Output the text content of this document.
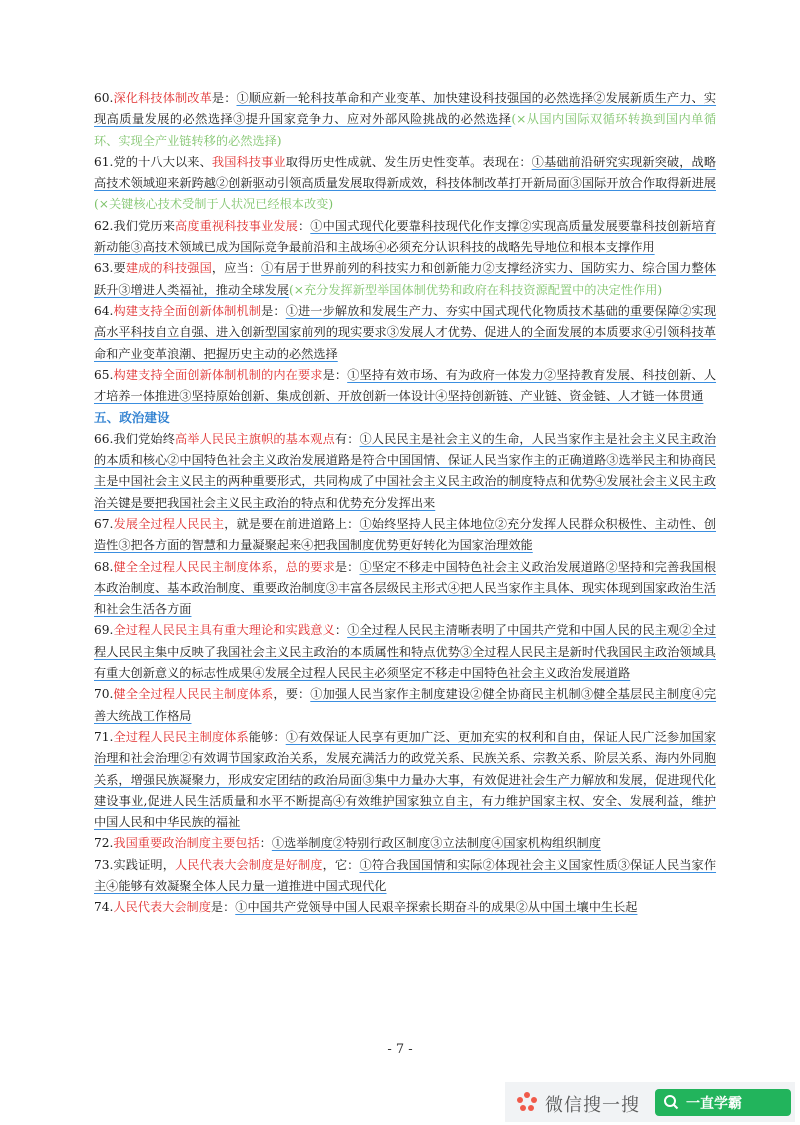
60.深化科技体制改革是：①顺应新一轮科技革命和产业变革、加快建设科技强国的必然选择②发展新质生产力、实现高质量发展的必然选择③提升国家竞争力、应对外部风险挑战的必然选择(×从国内国际双循环转换到国内单循环、实现全产业链转移的必然选择)

61.党的十八大以来、我国科技事业取得历史性成就、发生历史性变革。表现在：①基础前沿研究实现新突破，战略高技术领域迎来新跨越②创新驱动引领高质量发展取得新成效，科技体制改革打开新局面③国际开放合作取得新进展(×关键核心技术受制于人状况已经根本改变)

62.我们党历来高度重视科技事业发展：①中国式现代化要靠科技现代化作支撑②实现高质量发展要靠科技创新培育新动能③高技术领域已成为国际竞争最前沿和主战场④必须充分认识科技的战略先导地位和根本支撑作用

63.要建成的科技强国，应当：①有居于世界前列的科技实力和创新能力②支撑经济实力、国防实力、综合国力整体跃升③增进人类福祉，推动全球发展(×充分发挥新型举国体制优势和政府在科技资源配置中的决定性作用)

64.构建支持全面创新体制机制是：①进一步解放和发展生产力、夯实中国式现代化物质技术基础的重要保障②实现高水平科技自立自强、进入创新型国家前列的现实要求③发展人才优势、促进人的全面发展的本质要求④引领科技革命和产业变革浪潮、把握历史主动的必然选择

65.构建支持全面创新体制机制的内在要求是：①坚持有效市场、有为政府一体发力②坚持教育发展、科技创新、人才培养一体推进③坚持原始创新、集成创新、开放创新一体设计④坚持创新链、产业链、资金链、人才链一体贯通

五、政治建设

66.我们党始终高举人民民主旗帜的基本观点有：①人民民主是社会主义的生命，人民当家作主是社会主义民主政治的本质和核心②中国特色社会主义政治发展道路是符合中国国情、保证人民当家作主的正确道路③选举民主和协商民主是中国社会主义民主的两种重要形式，共同构成了中国社会主义民主政治的制度特点和优势④发展社会主义民主政治关键是要把我国社会主义民主政治的特点和优势充分发挥出来

67.发展全过程人民民主，就是要在前进道路上：①始终坚持人民主体地位②充分发挥人民群众积极性、主动性、创造性③把各方面的智慧和力量凝聚起来④把我国制度优势更好转化为国家治理效能

68.健全全过程人民民主制度体系，总的要求是：①坚定不移走中国特色社会主义政治发展道路②坚持和完善我国根本政治制度、基本政治制度、重要政治制度③丰富各层级民主形式④把人民当家作主具体、现实体现到国家政治生活和社会生活各方面

69.全过程人民民主具有重大理论和实践意义：①全过程人民民主清晰表明了中国共产党和中国人民的民主观②全过程人民民主集中反映了我国社会主义民主政治的本质属性和特点优势③全过程人民民主是新时代我国民主政治领域具有重大创新意义的标志性成果④发展全过程人民民主必须坚定不移走中国特色社会主义政治发展道路

70.健全全过程人民民主制度体系，要：①加强人民当家作主制度建设②健全协商民主机制③健全基层民主制度④完善大统战工作格局

71.全过程人民民主制度体系能够：①有效保证人民享有更加广泛、更加充实的权利和自由，保证人民广泛参加国家治理和社会治理②有效调节国家政治关系，发展充满活力的政党关系、民族关系、宗教关系、阶层关系、海内外同胞关系，增强民族凝聚力，形成安定团结的政治局面③集中力量办大事，有效促进社会生产力解放和发展，促进现代化 建设事业,促进人民生活质量和水平不断提高④有效维护国家独立自主，有力维护国家主权、安全、发展利益，维护中国人民和中华民族的福祉

72.我国重要政治制度主要包括：①选举制度②特别行政区制度③立法制度④国家机构组织制度

73.实践证明，人民代表大会制度是好制度，它：①符合我国国情和实际②体现社会主义国家性质③保证人民当家作主④能够有效凝聚全体人民力量一道推进中国式现代化

74.人民代表大会制度是：①中国共产党领导中国人民艰辛探索长期奋斗的成果②从中国土壤中生长起

- 7 -
微信搜一搜	一直学霸
